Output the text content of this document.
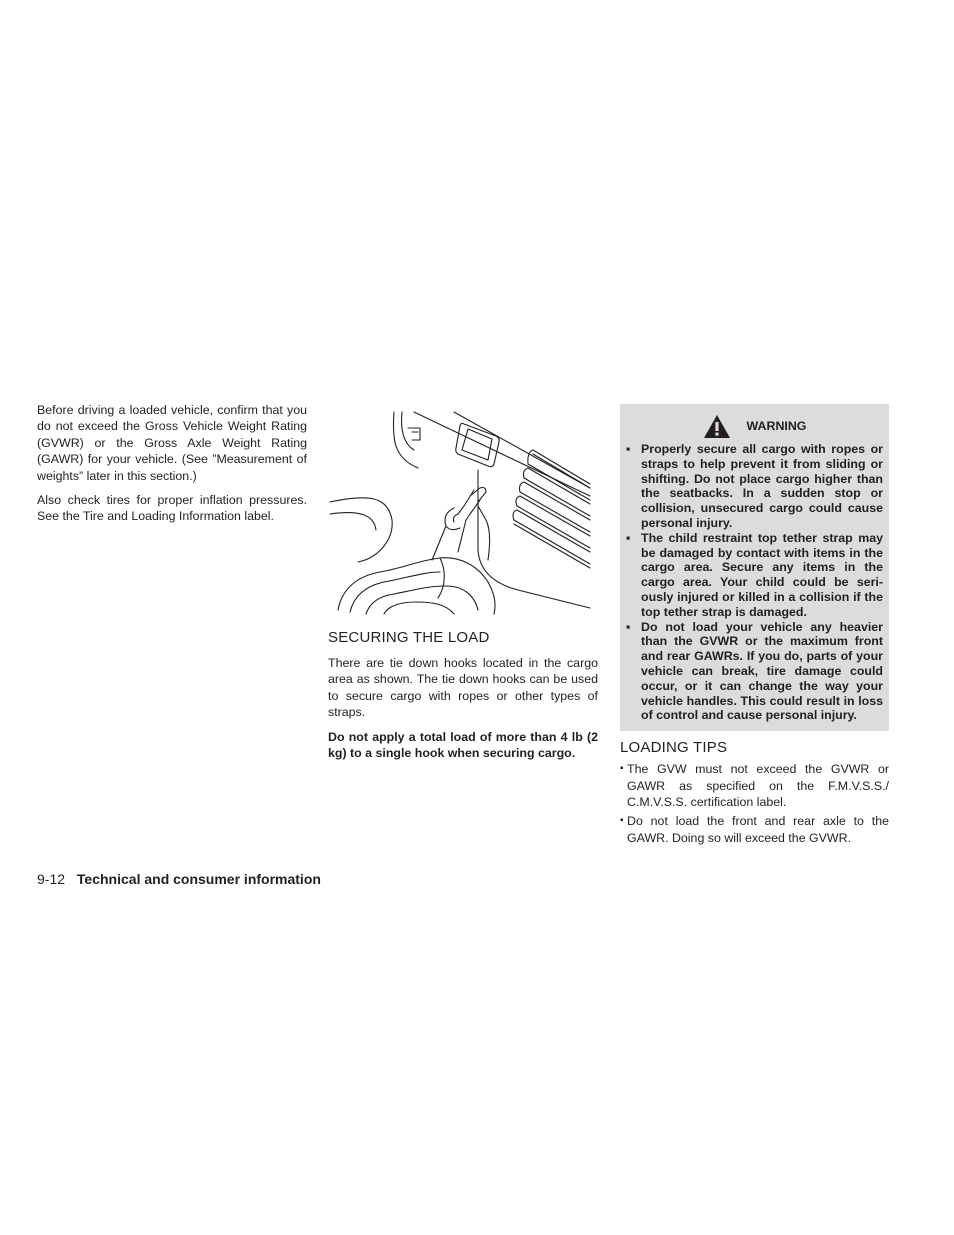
Before driving a loaded vehicle, confirm that you do not exceed the Gross Vehicle Weight Rating (GVWR) or the Gross Axle Weight Rating (GAWR) for your vehicle. (See ”Measurement of weights” later in this section.)

Also check tires for proper inflation pressures. See the Tire and Loading Information label.

SECURING THE LOAD

There are tie down hooks located in the cargo area as shown. The tie down hooks can be used to secure cargo with ropes or other types of straps.

Do not apply a total load of more than 4 lb (2 kg) to a single hook when securing cargo.

WARNING
▪ Properly secure all cargo with ropes or straps to help prevent it from sliding or shifting. Do not place cargo higher than the seatbacks. In a sudden stop or collision, unsecured cargo could cause personal injury.
▪ The child restraint top tether strap may be damaged by contact with items in the cargo area. Secure any items in the cargo area. Your child could be seri-ously injured or killed in a collision if the top tether strap is damaged.
▪ Do not load your vehicle any heavier than the GVWR or the maximum front and rear GAWRs. If you do, parts of your vehicle can break, tire damage could occur, or it can change the way your vehicle handles. This could result in loss of control and cause personal injury.
LOADING TIPS
▪ The GVW must not exceed the GVWR or GAWR as specified on the F.M.V.S.S./ C.M.V.S.S. certification label.
▪ Do not load the front and rear axle to the GAWR. Doing so will exceed the GVWR.
9-12 Technical and consumer information
